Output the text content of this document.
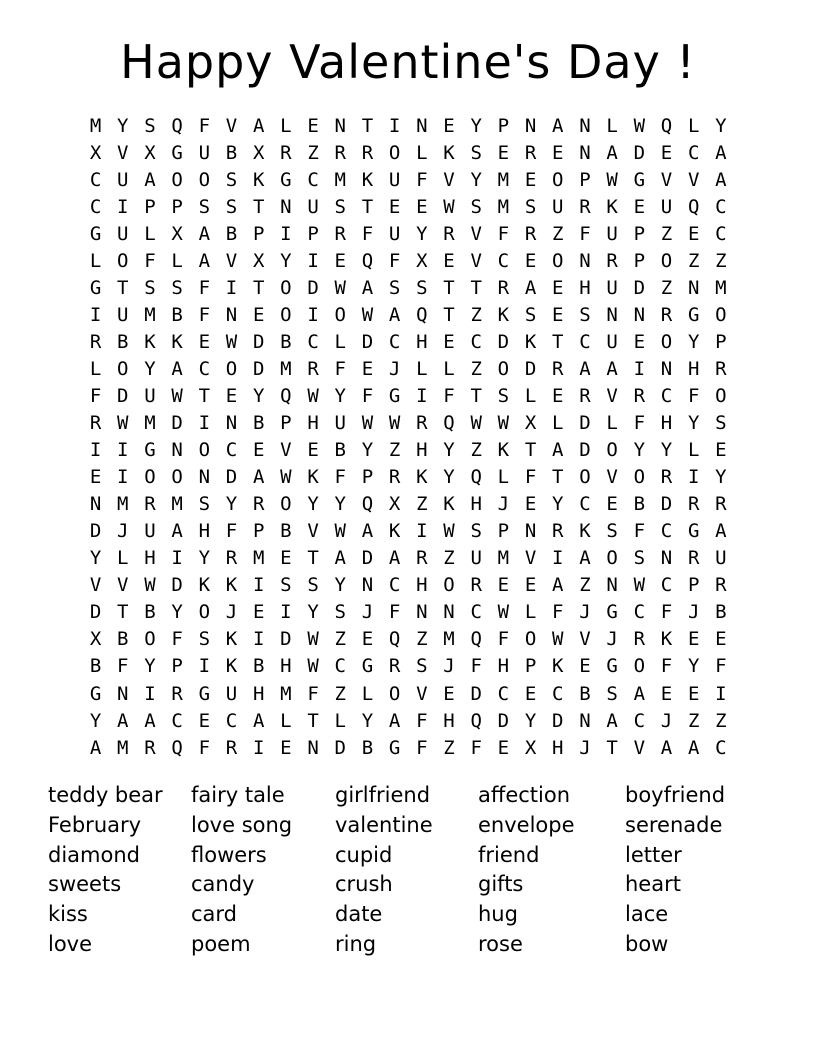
Happy Valentine's Day !
M Y S Q F V A L E N T I N E Y P N A N L W Q L Y
X V X G U B X R Z R R O L K S E R E N A D E C A
C U A O O S K G C M K U F V Y M E O P W G V V A
C I P P S S T N U S T E E W S M S U R K E U Q C
G U L X A B P I P R F U Y R V F R Z F U P Z E C
L O F L A V X Y I E Q F X E V C E O N R P O Z Z
G T S S F I T O D W A S S T T R A E H U D Z N M
I U M B F N E O I O W A Q T Z K S E S N N R G O
R B K K E W D B C L D C H E C D K T C U E O Y P
L O Y A C O D M R F E J L L Z O D R A A I N H R
F D U W T E Y Q W Y F G I F T S L E R V R C F O
R W M D I N B P H U W W R Q W W X L D L F H Y S
I I G N O C E V E B Y Z H Y Z K T A D O Y Y L E
E I O O N D A W K F P R K Y Q L F T O V O R I Y
N M R M S Y R O Y Y Q X Z K H J E Y C E B D R R
D J U A H F P B V W A K I W S P N R K S F C G A
Y L H I Y R M E T A D A R Z U M V I A O S N R U
V V W D K K I S S Y N C H O R E E A Z N W C P R
D T B Y O J E I Y S J F N N C W L F J G C F J B
X B O F S K I D W Z E Q Z M Q F O W V J R K E E
B F Y P I K B H W C G R S J F H P K E G O F Y F
G N I R G U H M F Z L O V E D C E C B S A E E I
Y A A C E C A L T L Y A F H Q D Y D N A C J Z Z
A M R Q F R I E N D B G F Z F E X H J T V A A C
teddy bear
February
diamond
sweets
kiss
love
fairy tale
love song
flowers
candy
card
poem
girlfriend
valentine
cupid
crush
date
ring
affection
envelope
friend
gifts
hug
rose
boyfriend
serenade
letter
heart
lace
bow
